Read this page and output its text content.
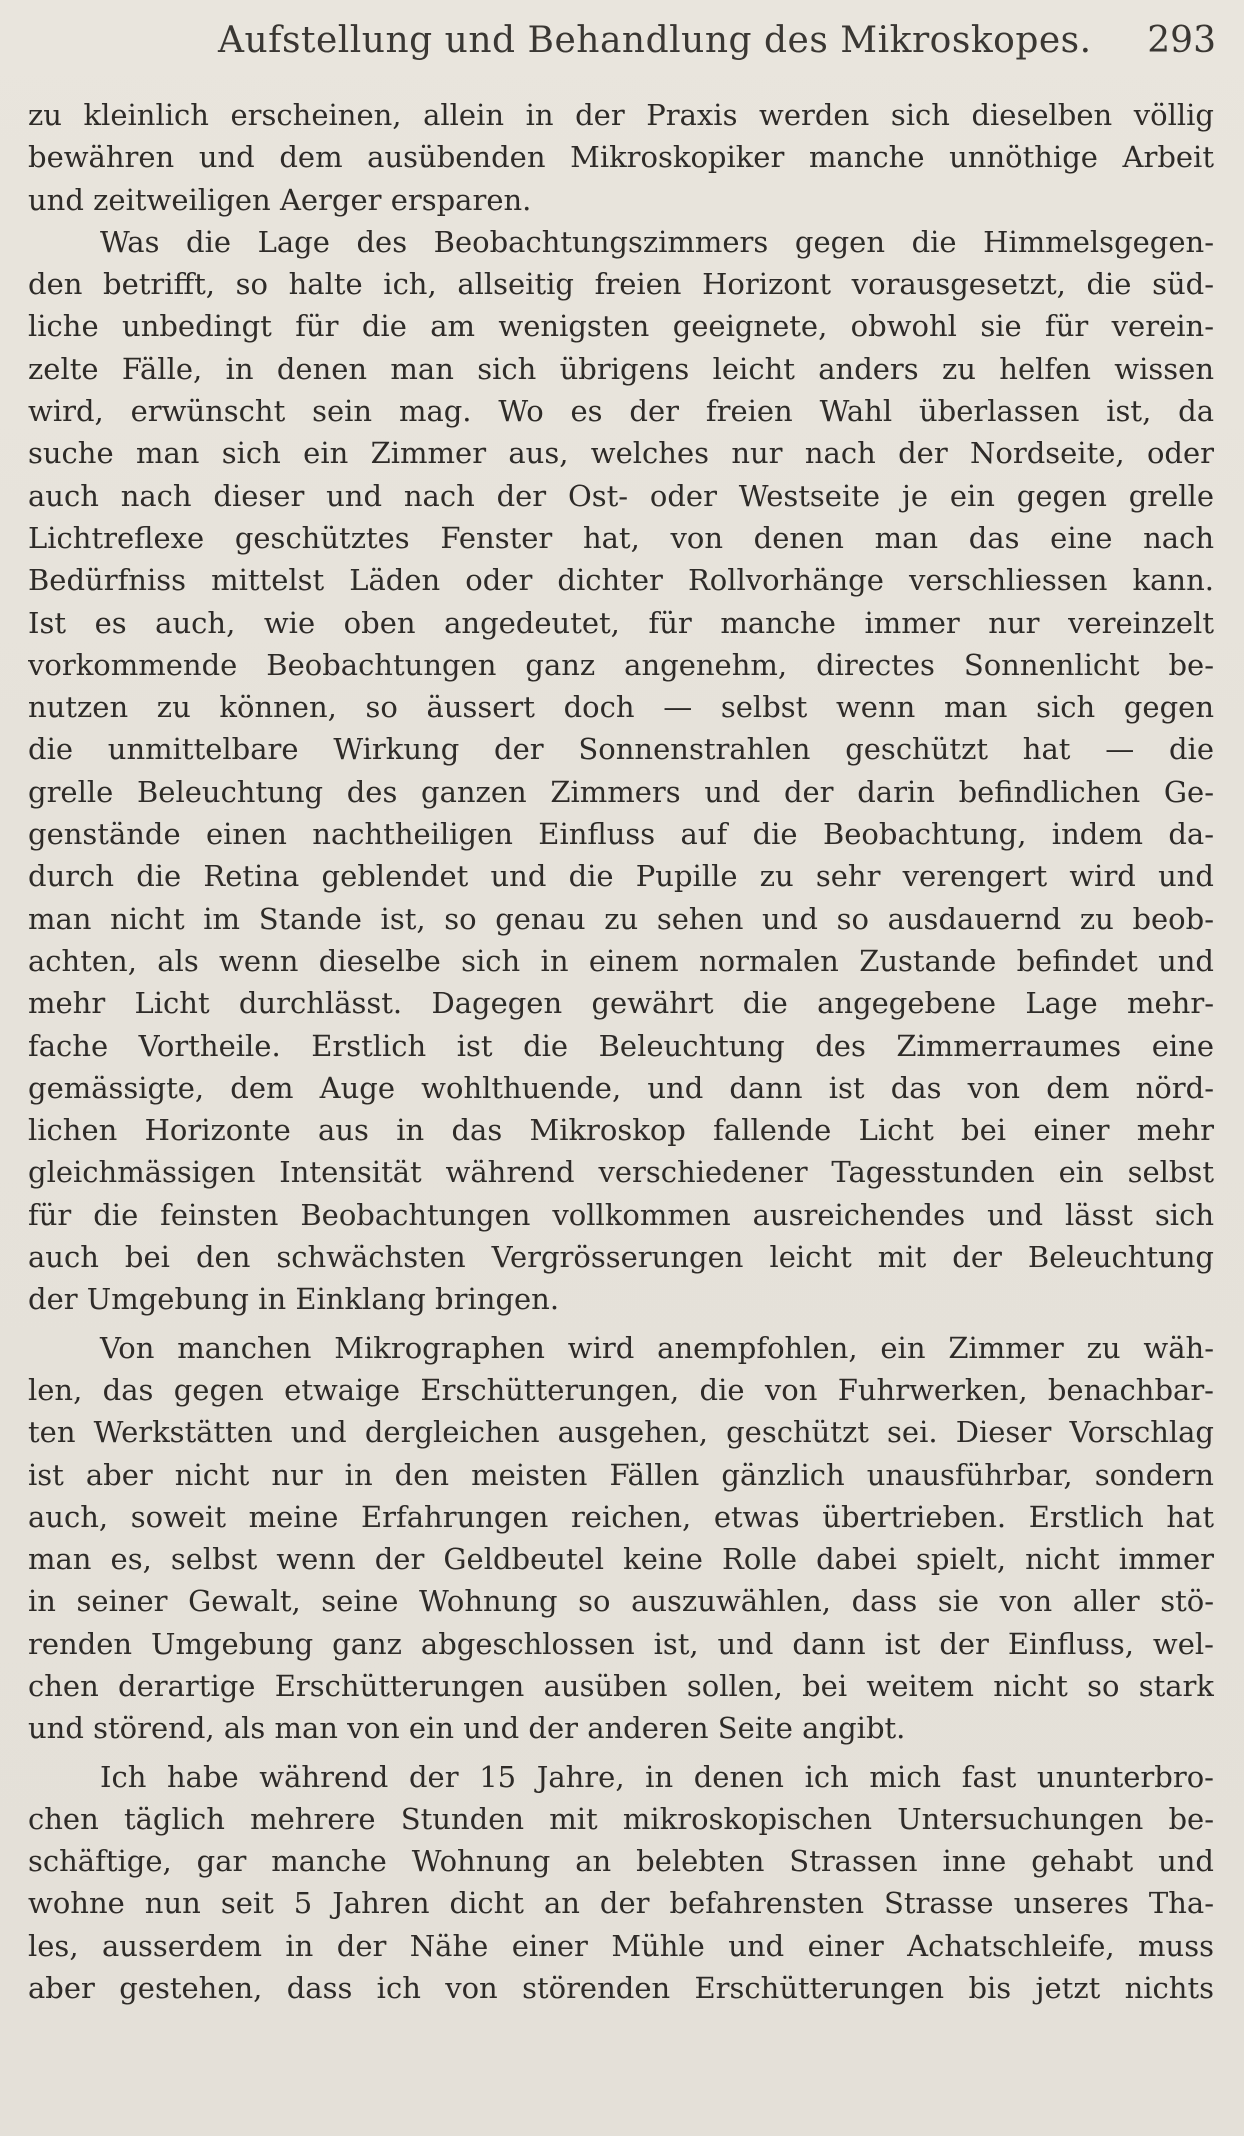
Aufstellung und Behandlung des Mikroskopes. 293
zu kleinlich erscheinen, allein in der Praxis werden sich dieselben völlig
bewähren und dem ausübenden Mikroskopiker manche unnöthige Arbeit
und zeitweiligen Aerger ersparen.
Was die Lage des Beobachtungszimmers gegen die Himmelsgegen-
den betrifft, so halte ich, allseitig freien Horizont vorausgesetzt, die süd-
liche unbedingt für die am wenigsten geeignete, obwohl sie für verein-
zelte Fälle, in denen man sich übrigens leicht anders zu helfen wissen
wird, erwünscht sein mag. Wo es der freien Wahl überlassen ist, da
suche man sich ein Zimmer aus, welches nur nach der Nordseite, oder
auch nach dieser und nach der Ost- oder Westseite je ein gegen grelle
Lichtreflexe geschütztes Fenster hat, von denen man das eine nach
Bedürfniss mittelst Läden oder dichter Rollvorhänge verschliessen kann.
Ist es auch, wie oben angedeutet, für manche immer nur vereinzelt
vorkommende Beobachtungen ganz angenehm, directes Sonnenlicht be-
nutzen zu können, so äussert doch — selbst wenn man sich gegen
die unmittelbare Wirkung der Sonnenstrahlen geschützt hat — die
grelle Beleuchtung des ganzen Zimmers und der darin befindlichen Ge-
genstände einen nachtheiligen Einfluss auf die Beobachtung, indem da-
durch die Retina geblendet und die Pupille zu sehr verengert wird und
man nicht im Stande ist, so genau zu sehen und so ausdauernd zu beob-
achten, als wenn dieselbe sich in einem normalen Zustande befindet und
mehr Licht durchlässt. Dagegen gewährt die angegebene Lage mehr-
fache Vortheile. Erstlich ist die Beleuchtung des Zimmerraumes eine
gemässigte, dem Auge wohlthuende, und dann ist das von dem nörd-
lichen Horizonte aus in das Mikroskop fallende Licht bei einer mehr
gleichmässigen Intensität während verschiedener Tagesstunden ein selbst
für die feinsten Beobachtungen vollkommen ausreichendes und lässt sich
auch bei den schwächsten Vergrösserungen leicht mit der Beleuchtung
der Umgebung in Einklang bringen.
Von manchen Mikrographen wird anempfohlen, ein Zimmer zu wäh-
len, das gegen etwaige Erschütterungen, die von Fuhrwerken, benachbar-
ten Werkstätten und dergleichen ausgehen, geschützt sei. Dieser Vorschlag
ist aber nicht nur in den meisten Fällen gänzlich unausführbar, sondern
auch, soweit meine Erfahrungen reichen, etwas übertrieben. Erstlich hat
man es, selbst wenn der Geldbeutel keine Rolle dabei spielt, nicht immer
in seiner Gewalt, seine Wohnung so auszuwählen, dass sie von aller stö-
renden Umgebung ganz abgeschlossen ist, und dann ist der Einfluss, wel-
chen derartige Erschütterungen ausüben sollen, bei weitem nicht so stark
und störend, als man von ein und der anderen Seite angibt.
Ich habe während der 15 Jahre, in denen ich mich fast ununterbro-
chen täglich mehrere Stunden mit mikroskopischen Untersuchungen be-
schäftige, gar manche Wohnung an belebten Strassen inne gehabt und
wohne nun seit 5 Jahren dicht an der befahrensten Strasse unseres Tha-
les, ausserdem in der Nähe einer Mühle und einer Achatschleife, muss
aber gestehen, dass ich von störenden Erschütterungen bis jetzt nichts
